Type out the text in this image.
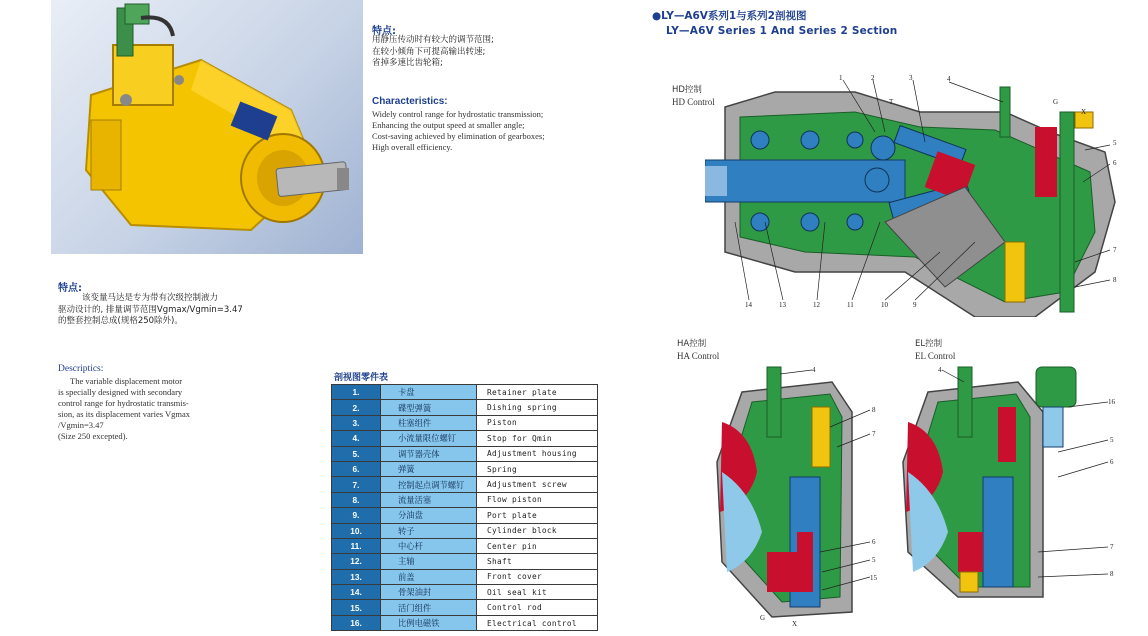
特点:
用静压传动时有较大的调节范围;
在较小倾角下可提高输出转速;
省掉多速比齿轮箱;
Characteristics:
Widely control range for hydrostatic transmission;
Enhancing the output speed at smaller angle;
Cost-saving achieved by elimination of gearboxes;
High overall efficiency.
特点:
该变量马达是专为带有次级控制液力
驱动设计的, 排量调节范围Vgmax/Vgmin=3.47
的整套控制总成(规格250除外)。
Descriptics:
The variable displacement motor
is specially designed with secondary
control range for hydrostatic transmis-
sion, as its displacement varies Vgmax
/Vgmin=3.47
(Size 250 excepted).
剖视图零件表
1.	卡盘	Retainer plate
2.	碟型弹簧	Dishing spring
3.	柱塞组件	Piston
4.	小流量限位螺钉	Stop for Qmin
5.	调节器壳体	Adjustment housing
6.	弹簧	Spring
7.	控制起点调节螺钉	Adjustment screw
8.	流量活塞	Flow piston
9.	分油盘	Port plate
10.	转子	Cylinder block
11.	中心杆	Center pin
12.	主轴	Shaft
13.	前盖	Front cover
14.	骨架油封	Oil seal kit
15.	活门组件	Control rod
16.	比例电磁铁	Electrical control
●LY—A6V系列1与系列2剖视图
LY—A6V Series 1 And Series 2 Section
HD控制
HD Control
1	2
T
3	4
G
X
5
6
7
8
9
10
11
12
13
14
HA控制
HA Control
4
8
7
6
5
15
G
X
EL控制
EL Control
4
16
5
6
7
8
